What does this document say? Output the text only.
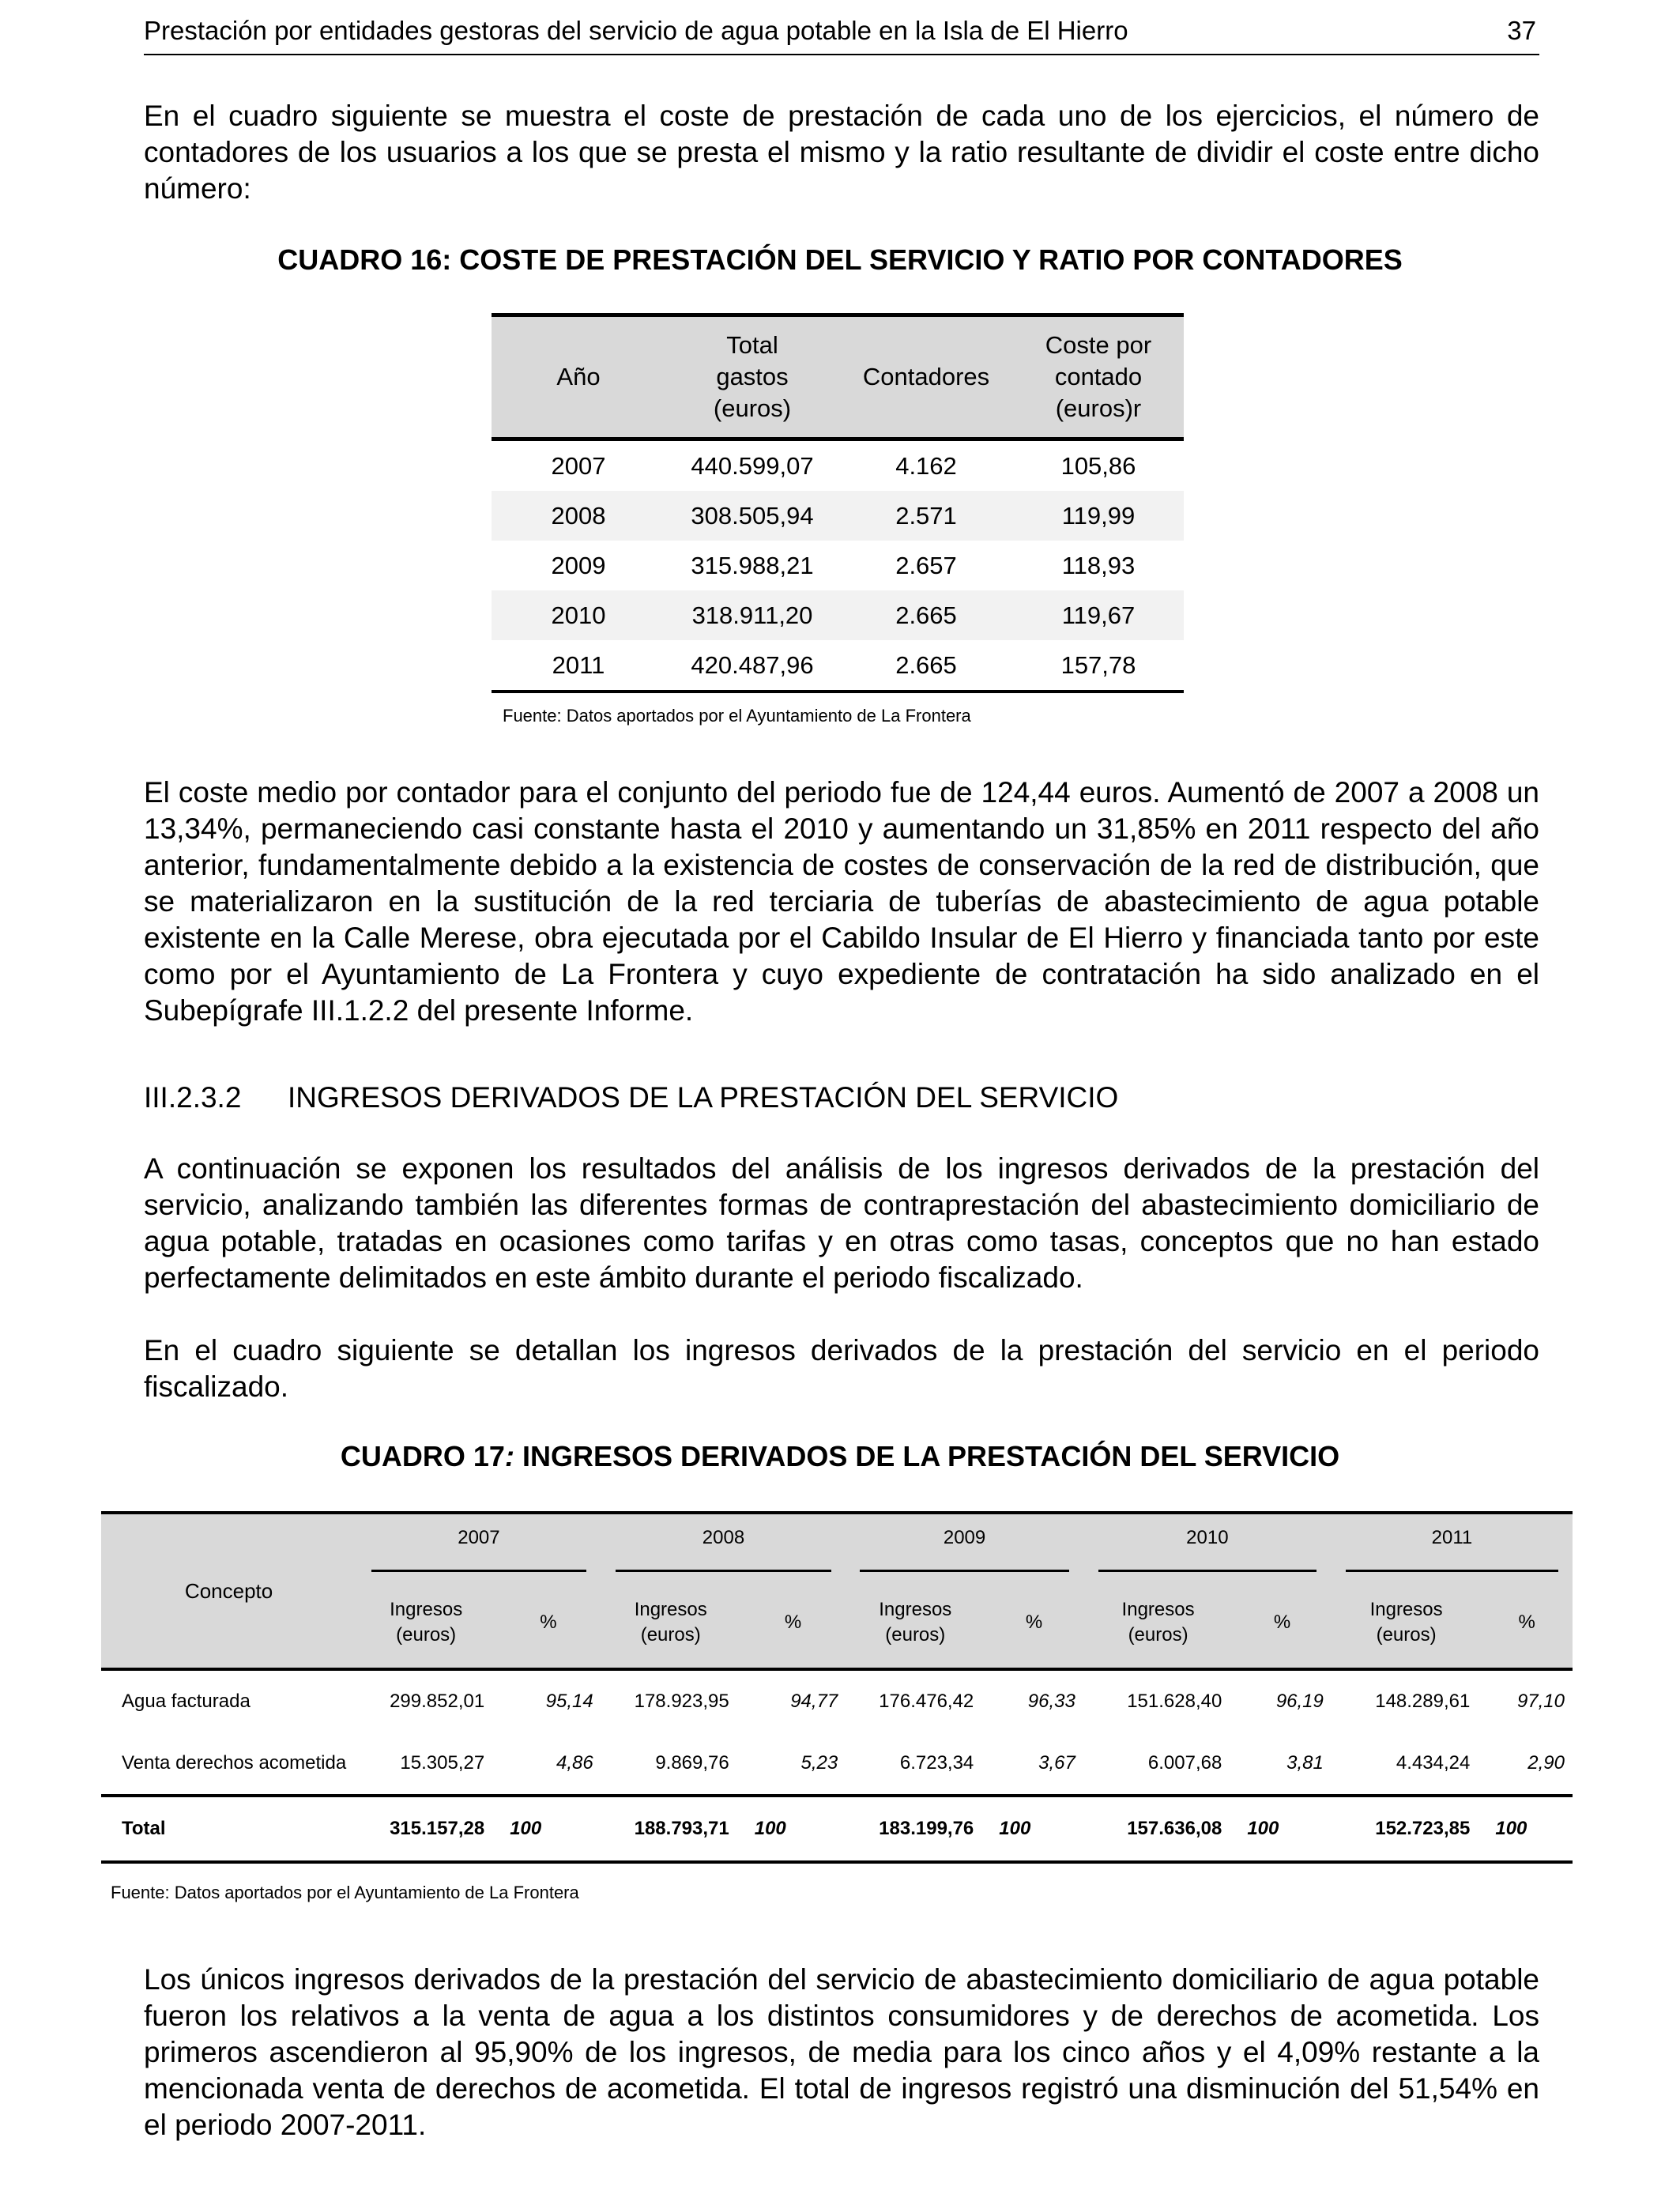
Prestación por entidades gestoras del servicio de agua potable en la Isla de El Hierro	37

En el cuadro siguiente se muestra el coste de prestación de cada uno de los ejercicios, el número de contadores de los usuarios a los que se presta el mismo y la ratio resultante de dividir el coste entre dicho número:

CUADRO 16: COSTE DE PRESTACIÓN DEL SERVICIO Y RATIO POR CONTADORES
Año	Total gastos (euros)	Contadores	Coste por contado (euros)r

2007	440.599,07	4.162	105,86
2008	308.505,94	2.571	119,99
2009	315.988,21	2.657	118,93
2010	318.911,20	2.665	119,67
2011	420.487,96	2.665	157,78
Fuente: Datos aportados por el Ayuntamiento de La Frontera

El coste medio por contador para el conjunto del periodo fue de 124,44 euros. Aumentó de 2007 a 2008 un 13,34%, permaneciendo casi constante hasta el 2010 y aumentando un 31,85% en 2011 respecto del año anterior, fundamentalmente debido a la existencia de costes de conservación de la red de distribución, que se materializaron en la sustitución de la red terciaria de tuberías de abastecimiento de agua potable existente en la Calle Merese, obra ejecutada por el Cabildo Insular de El Hierro y financiada tanto por este como por el Ayuntamiento de La Frontera y cuyo expediente de contratación ha sido analizado en el Subepígrafe III.1.2.2 del presente Informe.

III.2.3.2 INGRESOS DERIVADOS DE LA PRESTACIÓN DEL SERVICIO

A continuación se exponen los resultados del análisis de los ingresos derivados de la prestación del servicio, analizando también las diferentes formas de contraprestación del abastecimiento domiciliario de agua potable, tratadas en ocasiones como tarifas y en otras como tasas, conceptos que no han estado perfectamente delimitados en este ámbito durante el periodo fiscalizado.

En el cuadro siguiente se detallan los ingresos derivados de la prestación del servicio en el periodo fiscalizado.

CUADRO 17: INGRESOS DERIVADOS DE LA PRESTACIÓN DEL SERVICIO
Concepto	2007		2008		2009		2010		2011	

	Ingresos (euros)	%	Ingresos (euros)	%	Ingresos (euros)	%	Ingresos (euros)	%	Ingresos (euros)	%
Agua facturada	299.852,01	95,14	178.923,95	94,77	176.476,42	96,33	151.628,40	96,19	148.289,61	97,10
Venta derechos acometida	15.305,27	4,86	9.869,76	5,23	6.723,34	3,67	6.007,68	3,81	4.434,24	2,90
Total	315.157,28	100	188.793,71	100	183.199,76	100	157.636,08	100	152.723,85	100
Fuente: Datos aportados por el Ayuntamiento de La Frontera

Los únicos ingresos derivados de la prestación del servicio de abastecimiento domiciliario de agua potable fueron los relativos a la venta de agua a los distintos consumidores y de derechos de acometida. Los primeros ascendieron al 95,90% de los ingresos, de media para los cinco años y el 4,09% restante a la mencionada venta de derechos de acometida. El total de ingresos registró una disminución del 51,54% en el periodo 2007-2011.
